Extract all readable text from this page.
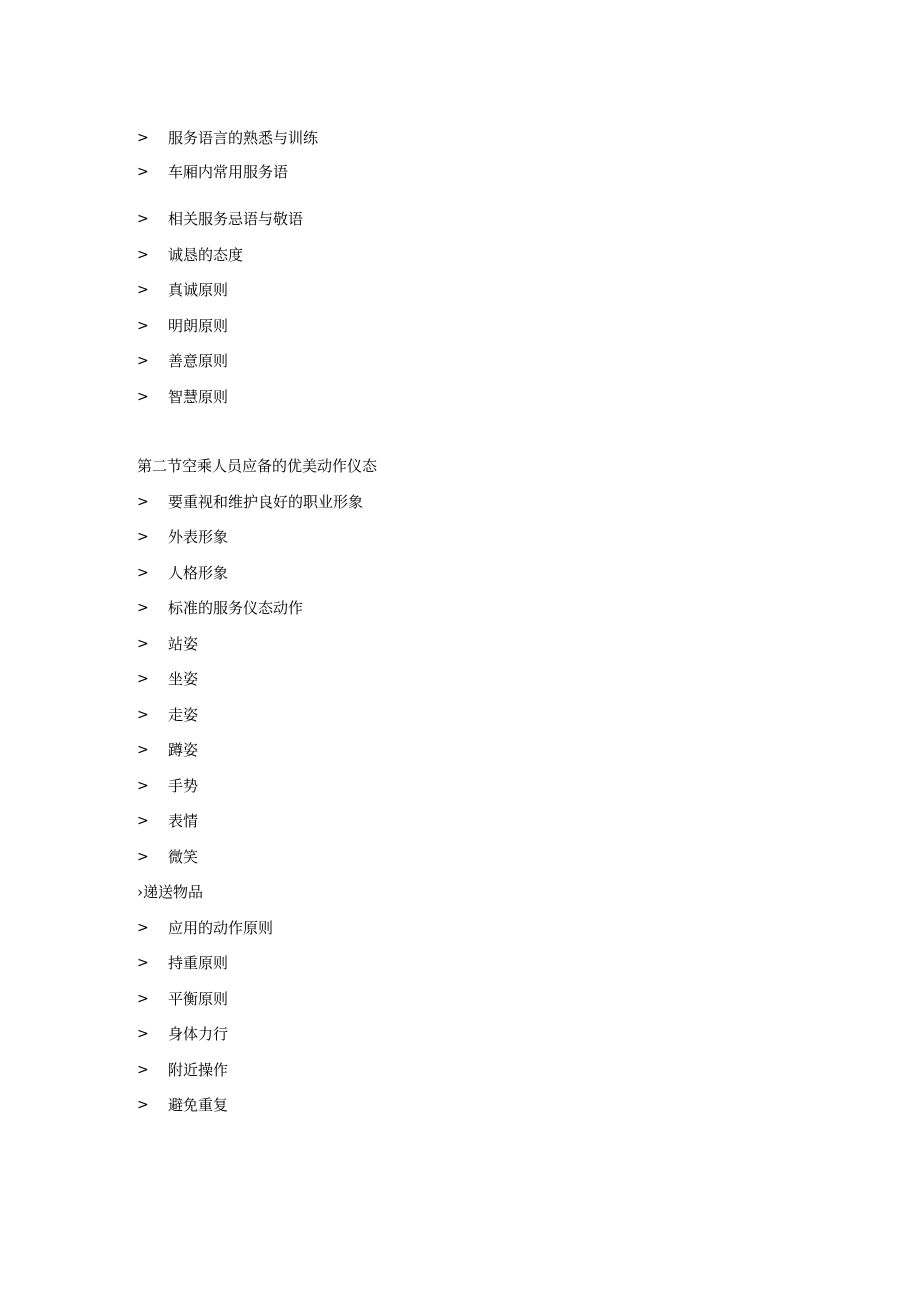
>	服务语言的熟悉与训练
>	车厢内常用服务语
>	相关服务忌语与敬语
>	诚恳的态度
>	真诚原则
>	明朗原则
>	善意原则
>	智慧原则
第二节空乘人员应备的优美动作仪态
>	要重视和维护良好的职业形象
>	外表形象
>	人格形象
>	标准的服务仪态动作
>	站姿
>	坐姿
>	走姿
>	蹲姿
>	手势
>	表情
>	微笑
›递送物品
>	应用的动作原则
>	持重原则
>	平衡原则
>	身体力行
>	附近操作
>	避免重复
